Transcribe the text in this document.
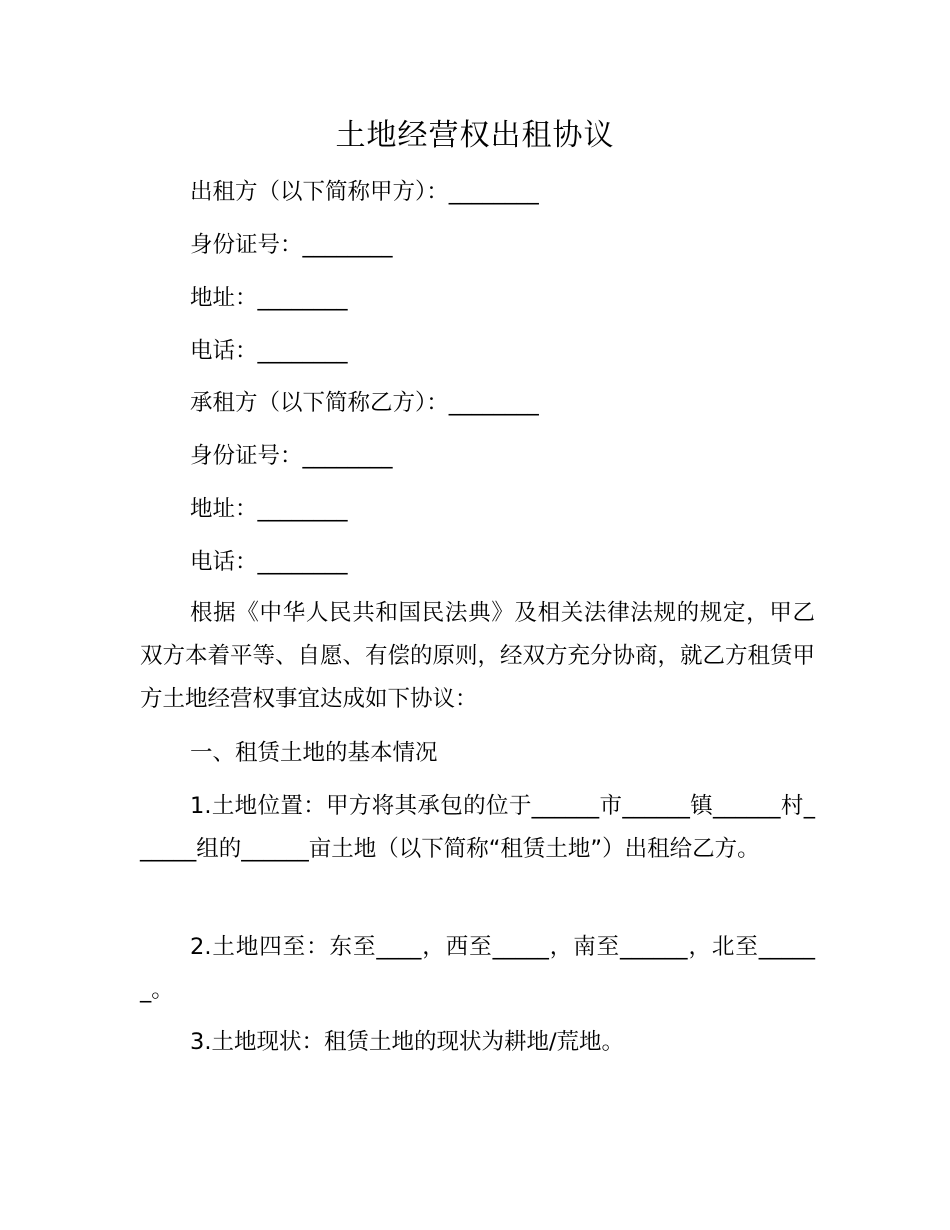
土地经营权出租协议
出租方（以下简称甲方）：________
身份证号：________
地址：________
电话：________
承租方（以下简称乙方）：________
身份证号：________
地址：________
电话：________
根据《中华人民共和国民法典》及相关法律法规的规定，甲乙双方本着平等、自愿、有偿的原则，经双方充分协商，就乙方租赁甲方土地经营权事宜达成如下协议：
一、租赁土地的基本情况
1.土地位置：甲方将其承包的位于______市______镇______村______组的______亩土地（以下简称“租赁土地”）出租给乙方。
2.土地四至：东至____，西至_____，南至______，北至______。
3.土地现状：租赁土地的现状为耕地/荒地。
